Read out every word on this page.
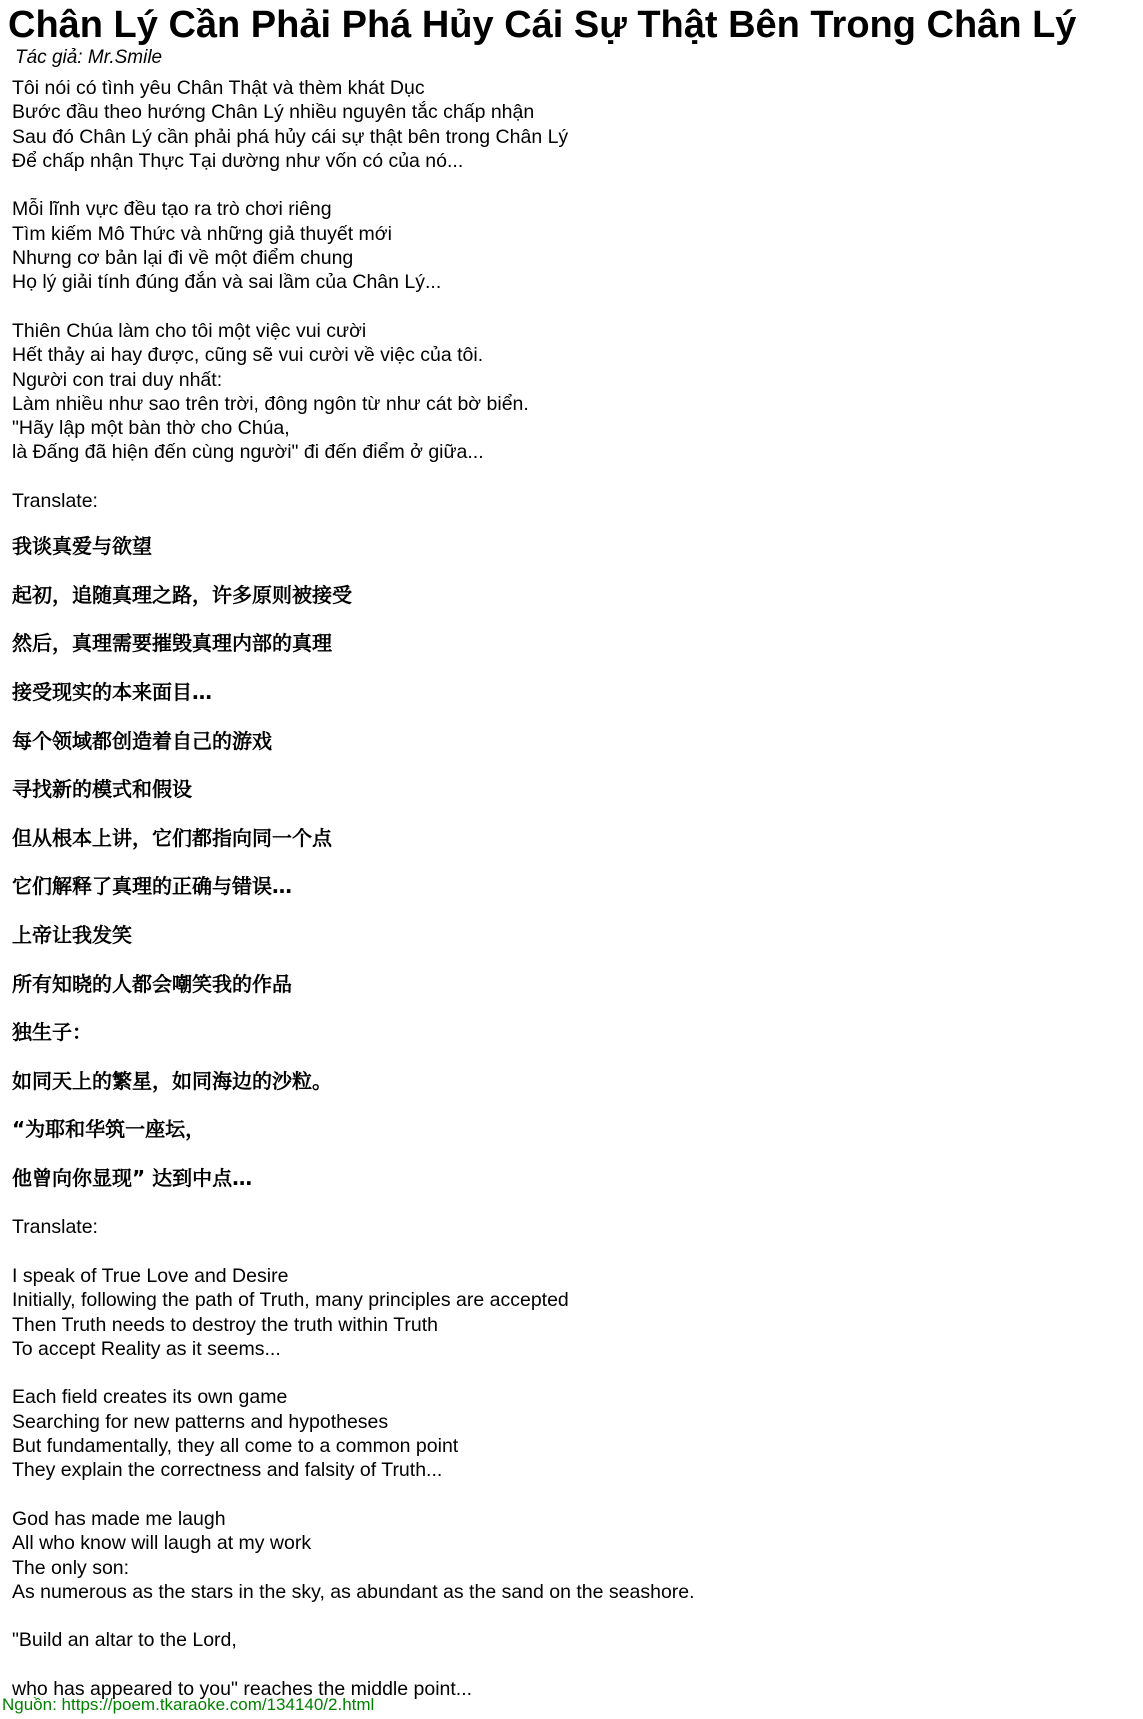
Chân Lý Cần Phải Phá Hủy Cái Sự Thật Bên Trong Chân Lý
Tác giả: Mr.Smile
Tôi nói có tình yêu Chân Thật và thèm khát Dục
Bước đầu theo hướng Chân Lý nhiều nguyên tắc chấp nhận
Sau đó Chân Lý cần phải phá hủy cái sự thật bên trong Chân Lý
Để chấp nhận Thực Tại dường như vốn có của nó...
Mỗi lĩnh vực đều tạo ra trò chơi riêng
Tìm kiếm Mô Thức và những giả thuyết mới
Nhưng cơ bản lại đi về một điểm chung
Họ lý giải tính đúng đắn và sai lầm của Chân Lý...
Thiên Chúa làm cho tôi một việc vui cười
Hết thảy ai hay được, cũng sẽ vui cười về việc của tôi.
Người con trai duy nhất:
Làm nhiều như sao trên trời, đông ngôn từ như cát bờ biển.
"Hãy lập một bàn thờ cho Chúa,
là Đấng đã hiện đến cùng người" đi đến điểm ở giữa...
Translate:
我谈真爱与欲望
起初，追随真理之路，许多原则被接受
然后，真理需要摧毁真理内部的真理
接受现实的本来面目…
每个领域都创造着自己的游戏
寻找新的模式和假设
但从根本上讲，它们都指向同一个点
它们解释了真理的正确与错误…
上帝让我发笑
所有知晓的人都会嘲笑我的作品
独生子：
如同天上的繁星，如同海边的沙粒。
“为耶和华筑一座坛，
他曾向你显现” 达到中点…
Translate:
I speak of True Love and Desire
Initially, following the path of Truth, many principles are accepted
Then Truth needs to destroy the truth within Truth
To accept Reality as it seems...
Each field creates its own game
Searching for new patterns and hypotheses
But fundamentally, they all come to a common point
They explain the correctness and falsity of Truth...
God has made me laugh
All who know will laugh at my work
The only son:
As numerous as the stars in the sky, as abundant as the sand on the seashore.
"Build an altar to the Lord,
who has appeared to you" reaches the middle point...
Nguồn: https://poem.tkaraoke.com/134140/2.html
